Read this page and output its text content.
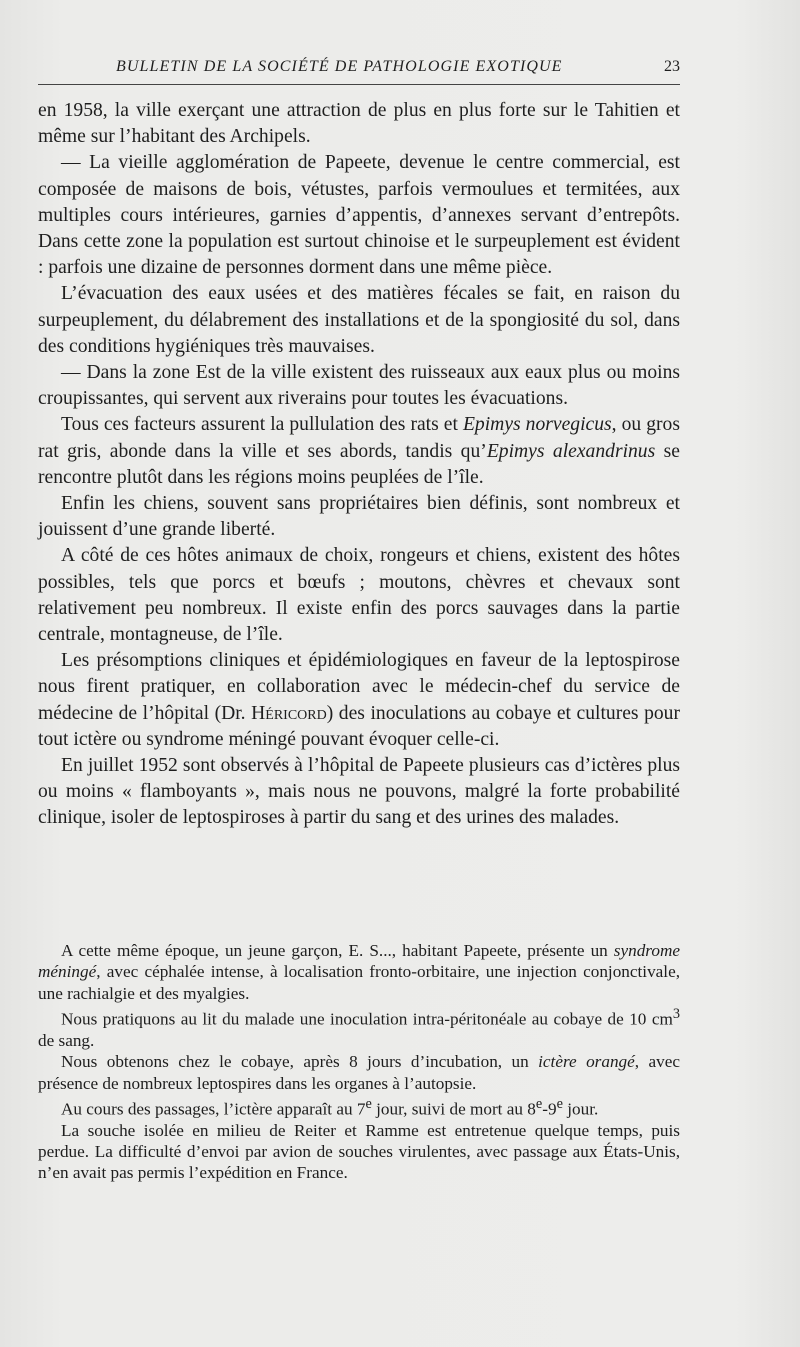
BULLETIN DE LA SOCIÉTÉ DE PATHOLOGIE EXOTIQUE	23

en 1958, la ville exerçant une attraction de plus en plus forte sur le Tahitien et même sur l’habitant des Archipels.

— La vieille agglomération de Papeete, devenue le centre commercial, est composée de maisons de bois, vétustes, parfois vermoulues et termitées, aux multiples cours intérieures, garnies d’appentis, d’annexes servant d’entrepôts. Dans cette zone la population est surtout chinoise et le surpeuplement est évident : parfois une dizaine de personnes dorment dans une même pièce.

L’évacuation des eaux usées et des matières fécales se fait, en raison du surpeuplement, du délabrement des installations et de la spongiosité du sol, dans des conditions hygiéniques très mauvaises.

— Dans la zone Est de la ville existent des ruisseaux aux eaux plus ou moins croupissantes, qui servent aux riverains pour toutes les évacuations.

Tous ces facteurs assurent la pullulation des rats et Epimys norvegicus, ou gros rat gris, abonde dans la ville et ses abords, tandis qu’Epimys alexandrinus se rencontre plutôt dans les régions moins peuplées de l’île.

Enfin les chiens, souvent sans propriétaires bien définis, sont nombreux et jouissent d’une grande liberté.

A côté de ces hôtes animaux de choix, rongeurs et chiens, existent des hôtes possibles, tels que porcs et bœufs ; moutons, chèvres et chevaux sont relativement peu nombreux. Il existe enfin des porcs sauvages dans la partie centrale, montagneuse, de l’île.

Les présomptions cliniques et épidémiologiques en faveur de la leptospirose nous firent pratiquer, en collaboration avec le médecin-chef du service de médecine de l’hôpital (Dr. Héricord) des inoculations au cobaye et cultures pour tout ictère ou syndrome méningé pouvant évoquer celle-ci.

En juillet 1952 sont observés à l’hôpital de Papeete plusieurs cas d’ictères plus ou moins « flamboyants », mais nous ne pouvons, malgré la forte probabilité clinique, isoler de leptospiroses à partir du sang et des urines des malades.

A cette même époque, un jeune garçon, E. S..., habitant Papeete, présente un syndrome méningé, avec céphalée intense, à localisation fronto-orbitaire, une injection conjonctivale, une rachialgie et des myalgies.

Nous pratiquons au lit du malade une inoculation intra-péritonéale au cobaye de 10 $cm^3$ de sang.

Nous obtenons chez le cobaye, après 8 jours d’incubation, un ictère orangé, avec présence de nombreux leptospires dans les organes à l’autopsie.

Au cours des passages, l’ictère apparaît au 7e jour, suivi de mort au 8e-9e jour.

La souche isolée en milieu de Reiter et Ramme est entretenue quelque temps, puis perdue. La difficulté d’envoi par avion de souches virulentes, avec passage aux États-Unis, n’en avait pas permis l’expédition en France.
